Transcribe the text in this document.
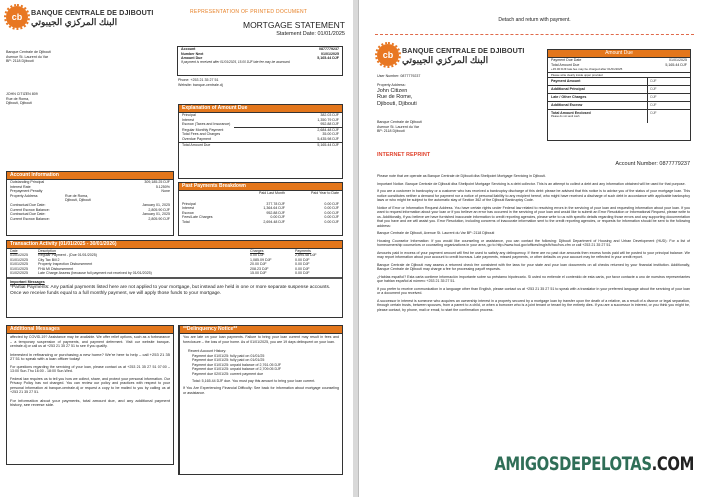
cb BANQUE CENTRALE DE DJIBOUTI
البنك المركزي الجيبوتي
Banque Centrale de Djibouti
Avenue St. Laurent du Var
BP: 2118 Djibouti
REPRESENTATION OF PRINTED DOCUMENT
MORTGAGE STATEMENT
Statement Date: 01/01/2025
Account	0877779237
Number Next	01/01/2025
Amount Due	5,165.44 DJF
If payment is received after 01/01/2025, 15.00 DJF late fee may be assessed.
Phone: +253 21 35 27 51
Website: banque-centrale.dj
JOHN CITIZEN 809
Rue de Roma,
Djibouti, Djibouti
Account Information
Outstanding Principal	309,185.25 DJF
Interest Rate	5.1250%
Prepayment Penalty	None
Property Address	Rue de Roma,
Djibouti, Djibouti
Contractual Due Date:	January 01, 2025
Current Escrow Balance:	2,805.90 DJF
Contractual Due Date:	January 01, 2025
Current Escrow Balance:	2,805.90 DJF
Explanation of Amount Due
Principal	382.03 DJF
Interest	1,350.79 DJF
Escrow (Taxes and Insurance)	952.88 DJF
Regular Monthly Payment	2,684.48 DJF
Total Fees and Charges	35.00 DJF
Overdue Payment	5,435.98 DJF
Total Amount Due	5,165.44 DJF
Past Payments Breakdown
	Paid Last Month	Paid Year to Date

Principal	377.78 DJF	0.00 DJF
Interest	1,364.64 DJF	0.00 DJF
Escrow	952.88 DJF	0.00 DJF
Fees/Late Charges	0.00 DJF	0.00 DJF
Total	2,694.48 DJF	0.00 DJF
Transaction Activity (01/01/2025 - 30/01/2026)
Date	Description	Charges	Payments
01/01/2025	Regular Payment - (Due 01/01/2025)	0.00 DJF	2,694.48 DJF
01/01/2025	City Tax Bill 2	1,085.09 DJF	0.00 DJF
01/01/2025	Property Inspection Disbursement	20.00 DJF	0.00 DJF
01/01/2025	FHA MI Disbursement	208.23 DJF	0.00 DJF
01/02/2025	Late Charge Assess (because full payment not received by 01/01/2025)	15.00 DJF	0.00 DJF
Important Messages
*Partial Payments: Any partial payments listed here are not applied to your mortgage, but instead are held in one or more separate suspense accounts. Once we receive funds equal to a full monthly payment, we will apply those funds to your mortgage.
Additional Messages

affected by COVID-19? Assistance may be available. We offer relief options, such as a forbearance – a temporary suspension of payments, and payment deferment. Visit our website banque-centrale.dj or call us at +253 21 35 27 51 to see if you qualify.

Interested in refinancing or purchasing a new home? We're here to help – call +253 21 35 27 51 to speak with a loan officer today!

For questions regarding the servicing of your loan, please contact us at +253 21 35 27 51 07:00 – 13:00 Sun-Thu 16:00 - 18:00 Sun-Wed.

Federal law requires us to tell you how we collect, share, and protect your personal information. Our Privacy Policy has not changed. You can review our policy and practices with respect to your personal information at banque-centrale.dj or request a copy to be mailed to you by calling us at +253 21 35 27 51.

For information about your payments, total amount due, and any additional payment history, see reverse side.

**Delinquency Notice**

You are late on your loan payments. Failure to bring your loan current may result in fees and foreclosure – the loss of your home. As of 01/01/2025, you are 19 days delinquent on your loan.

Recent Account History:
Payment due 01/01/25: fully paid on 01/01/25
Payment due 01/01/25: fully paid on 01/01/25
Payment due 01/01/25: unpaid balance of 2,761.05 DJF
Payment due 01/01/25: unpaid balance of 2,709.05 DJF
Payment due 02/01/25: current payment due
Total: 5,165.44 DJF due. You must pay this amount to bring your loan current.

If You Are Experiencing Financial Difficulty: See back for information about mortgage counseling or assistance.

Detach and return with payment.
cb BANQUE CENTRALE DE DJIBOUTI
البنك المركزي الجيبوتي
User Number: 0877779237
Property Address:
John Citizen
Rue de Rome,
Djibouti, Djibouti
Banque Centrale de Djibouti
Avenue St. Laurent du Var
BP: 2118 Djibouti
Amount Due
Payment Due Date	01/01/2025
Total Amount Due	5,165.44 DJF
+15.00 DJF late fee may be charged after 01/01/2025
Please write clearly inside upper provided
Payment Amount	DJF
Additional Principal	DJF
Late / Other Charges	DJF
Additional Escrow	DJF
Total Amount Enclosed
Please do not send cash
DJF
INTERNET REPRINT
Account Number: 0877779237

Please note that we operate as Banque Centrale de Djibouti dba Shellpoint Mortgage Servicing in Djibouti.

Important Notice. Banque Centrale de Djibouti dba Shellpoint Mortgage Servicing is a debt collector. This is an attempt to collect a debt and any information obtained will be used for that purpose.

If you are a customer in bankruptcy or a customer who has received a bankruptcy discharge of this debt: please be advised that this notice is to advise you of the status of your mortgage loan. This notice constitutes neither a demand for payment nor a notice of personal liability to any recipient hereof, who might have received a discharge of such debt in accordance with applicable bankruptcy laws or who might be subject to the automatic stay of Section 362 of the Djibouti Bankruptcy Code.

Notice of Error or Information Request Address. You have certain rights under Federal law related to resolving errors in the servicing of your loan and requesting information about your loan. If you want to request information about your loan or if you believe an error has occurred in the servicing of your loan and would like to submit an Error Resolution or Informational Request, please write to us. Additionally, if you believe we have furnished inaccurate information to credit reporting agencies, please write to us with specific details regarding those errors and any supporting documentation that you have and we will assist you. Error Resolution, including concerns of inaccurate information sent to the credit reporting agencies, or requests for information should be sent to the following address:

Banque Centrale de Djibouti, Avenue St. Laurent du Var BP: 2118 Djibouti

Housing Counselor Information: If you would like counseling or assistance, you can contact the following: Djibouti Department of Housing and Urban Development (HUD): For a list of homeownership counselors or counseling organizations in your area, go to http://www.hud.gov/offices/hsg/sfh/hcc/hcs.cfm or call +253 21 35 27 51.

Amounts paid in excess of your payment amount will first be used to satisfy any delinquency. If there are no past due amounts then excess funds paid will be posted to your principal balance. We may report information about your account to credit bureaus. Late payments, missed payments, or other defaults on your account may be reflected in your credit report.

Banque Centrale de Djibouti may assess a returned check fee consistent with the laws for your state and your loan documents on all checks returned by your financial institution. Additionally, Banque Centrale de Djibouti may charge a fee for processing payoff requests.

¿Hablas español? Esta carta contiene información importante sobre su préstamo hipotecario. Si usted no entiende el contenido de esta carta, por favor contacte a uno de nuestros representantes que hablan español al número +253 21 35 27 51.

If you prefer to receive communication in a language other than English, please contact us at +253 21 35 27 51 to speak with a translator in your preferred language about the servicing of your loan or a document you received.

A successor in interest is someone who acquires an ownership interest in a property secured by a mortgage loan by transfer upon the death of a relative, as a result of a divorce or legal separation, through certain trusts, between spouses, from a parent to a child, or when a borrower who is a joint tenant or tenant by the entirety dies. If you are a successor in interest, or you think you might be, please contact, by phone, mail or email, to start the confirmation process.

AMIGOSDEPELOTAS.COM
